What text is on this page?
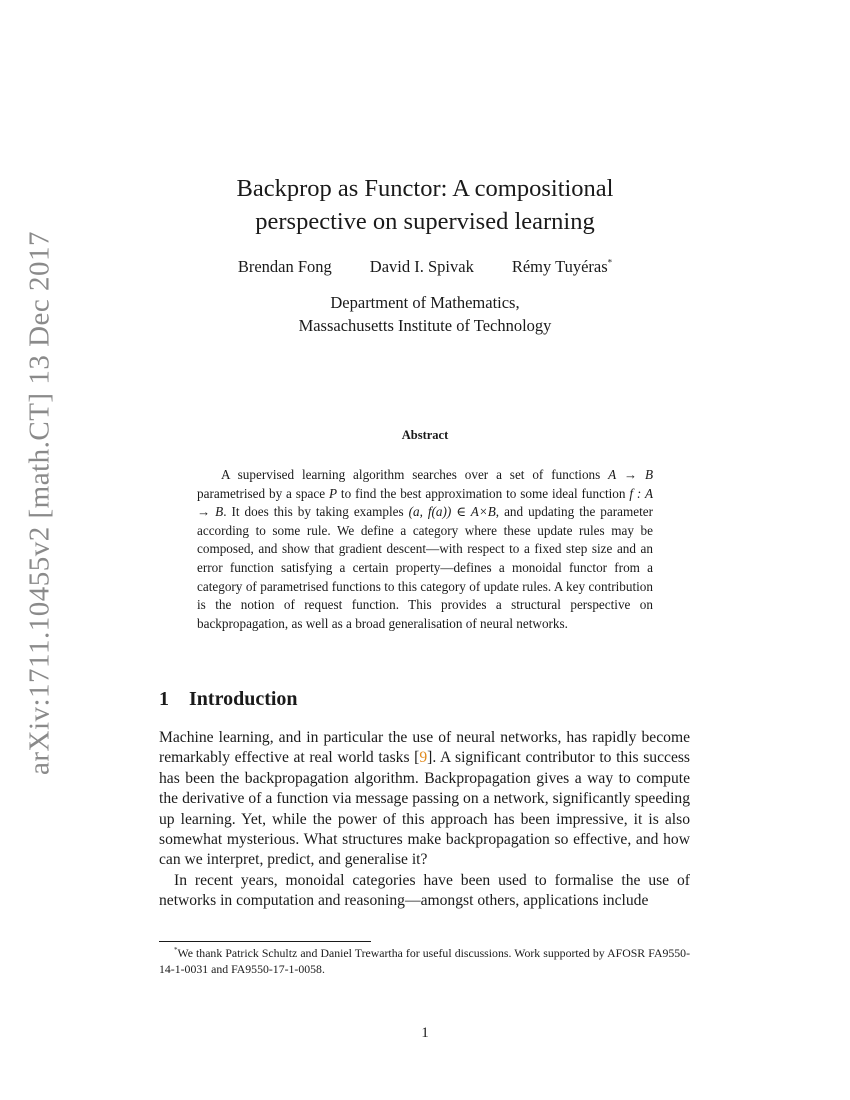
arXiv:1711.10455v2 [math.CT] 13 Dec 2017
Backprop as Functor: A compositional
perspective on supervised learning
Brendan Fong David I. Spivak Rémy Tuyéras*
Department of Mathematics,
Massachusetts Institute of Technology
Abstract

A supervised learning algorithm searches over a set of functions A → B parametrised by a space P to find the best approximation to some ideal function f : A → B. It does this by taking examples (a, f(a)) ∈ A×B, and updating the parameter according to some rule. We define a category where these update rules may be composed, and show that gradient descent—with respect to a fixed step size and an error function satisfying a certain property—defines a monoidal functor from a category of parametrised functions to this category of update rules. A key contribution is the notion of request function. This provides a structural perspective on backpropagation, as well as a broad generalisation of neural networks.

1 Introduction

Machine learning, and in particular the use of neural networks, has rapidly become remarkably effective at real world tasks [9]. A significant contributor to this success has been the backpropagation algorithm. Backpropagation gives a way to compute the derivative of a function via message passing on a network, significantly speeding up learning. Yet, while the power of this approach has been impressive, it is also somewhat mysterious. What structures make backpropagation so effective, and how can we interpret, predict, and generalise it?

In recent years, monoidal categories have been used to formalise the use of networks in computation and reasoning—amongst others, applications include

*We thank Patrick Schultz and Daniel Trewartha for useful discussions. Work supported by AFOSR FA9550-14-1-0031 and FA9550-17-1-0058.

1
